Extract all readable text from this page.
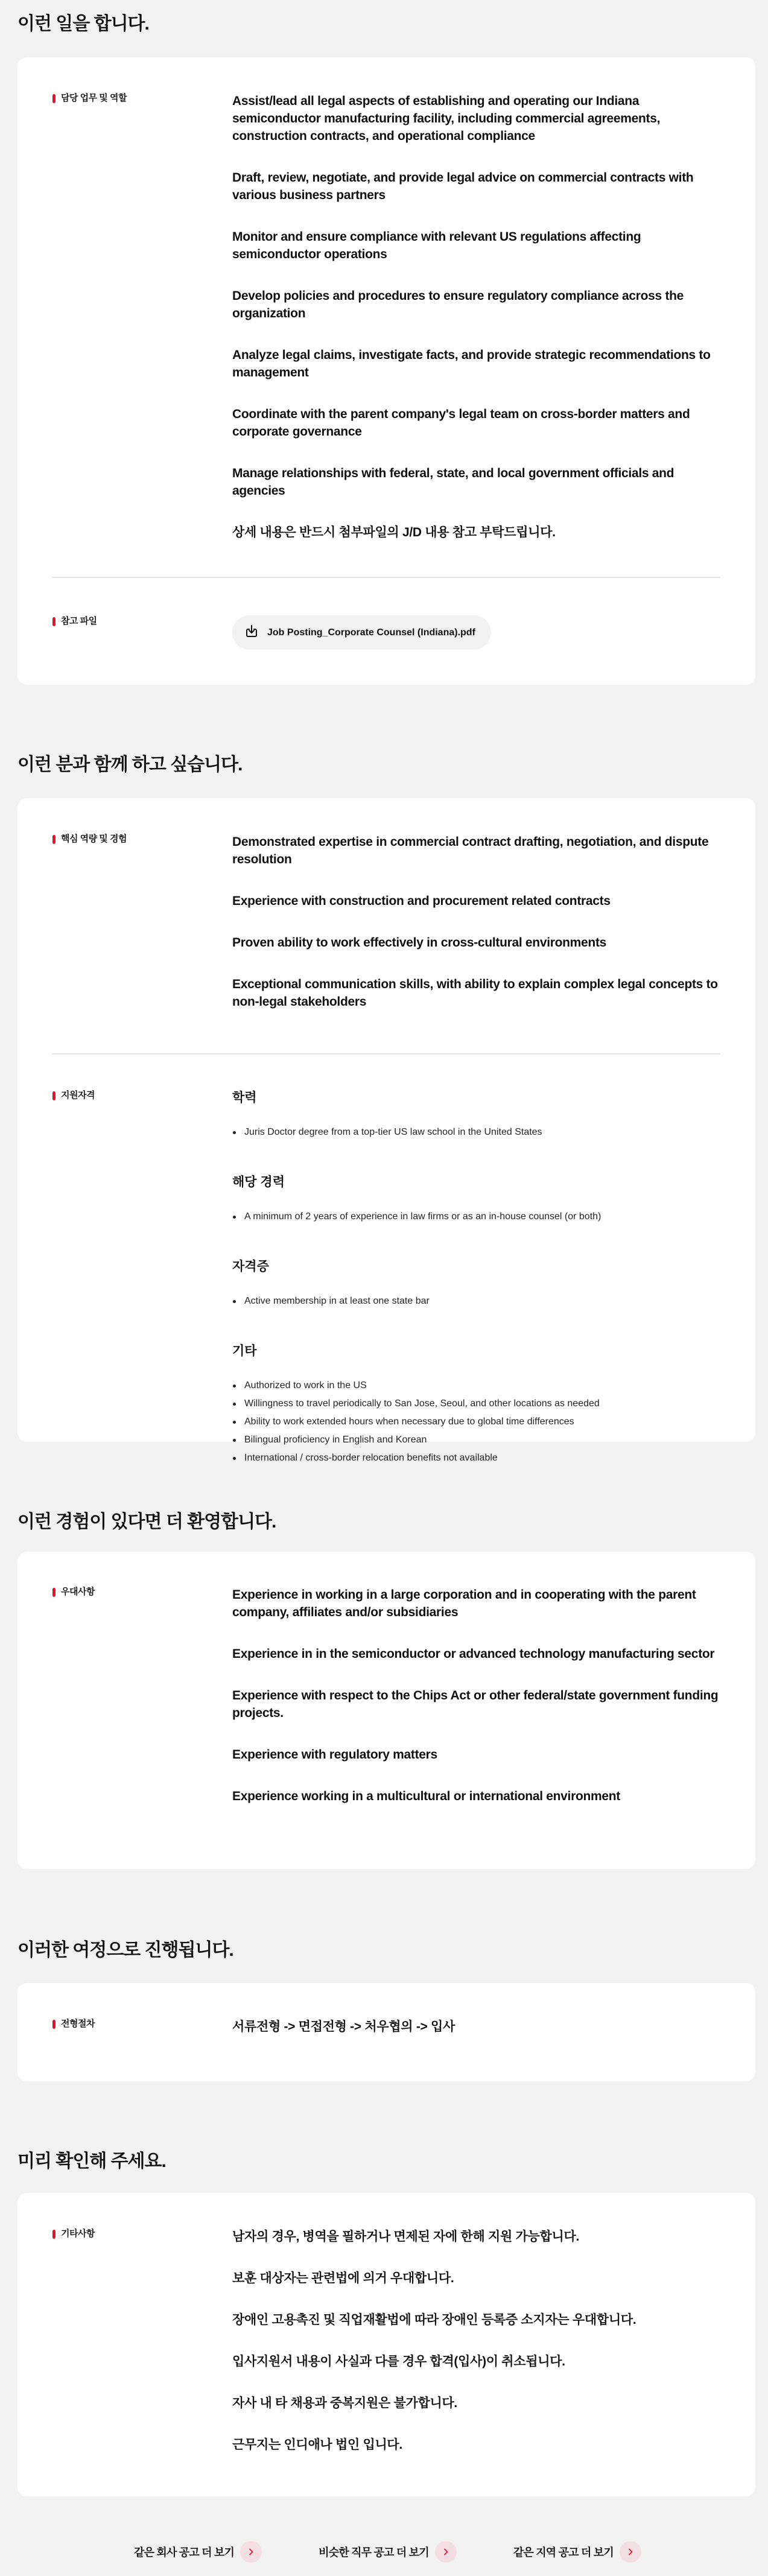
이런 일을 합니다.
담당 업무 및 역할	Assist/lead all legal aspects of establishing and operating our Indiana semiconductor manufacturing facility, including commercial agreements, construction contracts, and operational compliance

Draft, review, negotiate, and provide legal advice on commercial contracts with various business partners

Monitor and ensure compliance with relevant US regulations affecting semiconductor operations

Develop policies and procedures to ensure regulatory compliance across the organization

Analyze legal claims, investigate facts, and provide strategic recommendations to management

Coordinate with the parent company's legal team on cross-border matters and corporate governance

Manage relationships with federal, state, and local government officials and agencies

상세 내용은 반드시 첨부파일의 J/D 내용 참고 부탁드립니다.

참고 파일
Job Posting_Corporate Counsel (Indiana).pdf
이런 분과 함께 하고 싶습니다.
핵심 역량 및 경험	Demonstrated expertise in commercial contract drafting, negotiation, and dispute resolution

Experience with construction and procurement related contracts

Proven ability to work effectively in cross-cultural environments

Exceptional communication skills, with ability to explain complex legal concepts to non-legal stakeholders

지원자격	학력
Juris Doctor degree from a top-tier US law school in the United States
해당 경력
A minimum of 2 years of experience in law firms or as an in-house counsel (or both)
자격증
Active membership in at least one state bar
기타
Authorized to work in the US
Willingness to travel periodically to San Jose, Seoul, and other locations as needed
Ability to work extended hours when necessary due to global time differences
Bilingual proficiency in English and Korean
International / cross-border relocation benefits not available
이런 경험이 있다면 더 환영합니다.
우대사항	Experience in working in a large corporation and in cooperating with the parent company, affiliates and/or subsidiaries

Experience in in the semiconductor or advanced technology manufacturing sector

Experience with respect to the Chips Act or other federal/state government funding projects.

Experience with regulatory matters

Experience working in a multicultural or international environment

이러한 여정으로 진행됩니다.
전형절차	서류전형 -> 면접전형 -> 처우협의 -> 입사

미리 확인해 주세요.
기타사항	남자의 경우, 병역을 필하거나 면제된 자에 한해 지원 가능합니다.

보훈 대상자는 관련법에 의거 우대합니다.

장애인 고용촉진 및 직업재활법에 따라 장애인 등록증 소지자는 우대합니다.

입사지원서 내용이 사실과 다를 경우 합격(입사)이 취소됩니다.

자사 내 타 채용과 중복지원은 불가합니다.

근무지는 인디애나 법인 입니다.

같은 회사 공고 더 보기	비슷한 직무 공고 더 보기	같은 지역 공고 더 보기
